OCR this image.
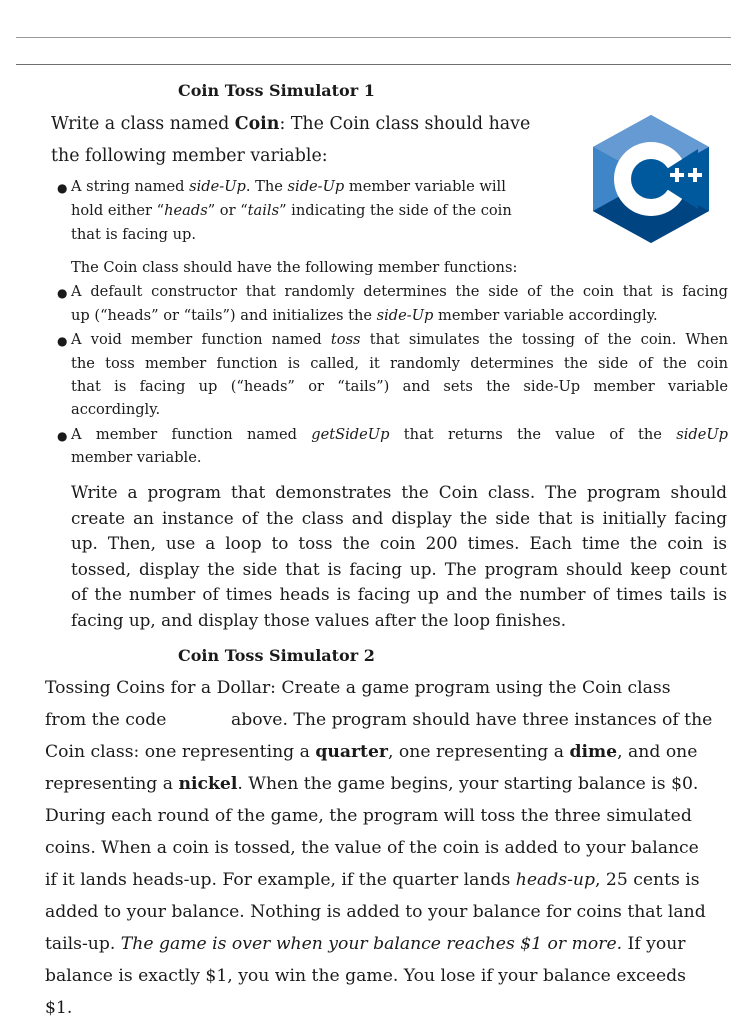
Coin Toss Simulator 1
Write a class named Coin: The Coin class should have
the following member variable:
● A string named side-Up. The side-Up member variable will
hold either “heads” or “tails” indicating the side of the coin
that is facing up.
The Coin class should have the following member functions:
● A default constructor that randomly determines the side of the coin that is facing
up (“heads” or “tails”) and initializes the side-Up member variable accordingly.
● A void member function named toss that simulates the tossing of the coin. When
the toss member function is called, it randomly determines the side of the coin
that is facing up (“heads” or “tails”) and sets the side-Up member variable
accordingly.
● A member function named getSideUp that returns the value of the sideUp
member variable.
Write a program that demonstrates the Coin class. The program should
create an instance of the class and display the side that is initially facing
up. Then, use a loop to toss the coin 200 times. Each time the coin is
tossed, display the side that is facing up. The program should keep count
of the number of times heads is facing up and the number of times tails is
facing up, and display those values after the loop finishes.
Coin Toss Simulator 2
Tossing Coins for a Dollar: Create a game program using the Coin class
from the code	above. The program should have three instances of the
Coin class: one representing a quarter, one representing a dime, and one
representing a nickel. When the game begins, your starting balance is $0.
During each round of the game, the program will toss the three simulated
coins. When a coin is tossed, the value of the coin is added to your balance
if it lands heads-up. For example, if the quarter lands heads-up, 25 cents is
added to your balance. Nothing is added to your balance for coins that land
tails-up. The game is over when your balance reaches $1 or more. If your
balance is exactly $1, you win the game. You lose if your balance exceeds
$1.
